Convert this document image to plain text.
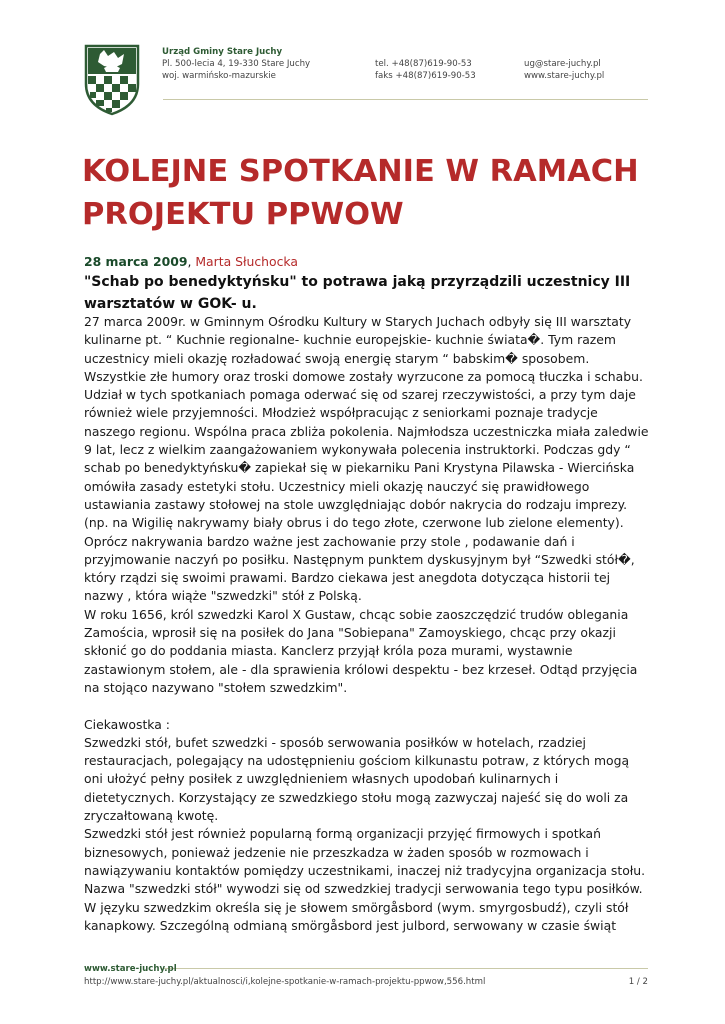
Urząd Gminy Stare Juchy
Pl. 500-lecia 4, 19-330 Stare Juchy
woj. warmińsko-mazurskie
tel. +48(87)619-90-53
faks +48(87)619-90-53
ug@stare-juchy.pl
www.stare-juchy.pl
KOLEJNE SPOTKANIE W RAMACH PROJEKTU PPWOW
28 marca 2009, Marta Słuchocka

"Schab po benedyktyńsku" to potrawa jaką przyrządzili uczestnicy III warsztatów w GOK- u.

27 marca 2009r. w Gminnym Ośrodku Kultury w Starych Juchach odbyły się III warsztaty kulinarne pt. “ Kuchnie regionalne- kuchnie europejskie- kuchnie świata�. Tym razem uczestnicy mieli okazję rozładować swoją energię starym “ babskim� sposobem. Wszystkie złe humory oraz troski domowe zostały wyrzucone za pomocą tłuczka i schabu. Udział w tych spotkaniach pomaga oderwać się od szarej rzeczywistości, a przy tym daje również wiele przyjemności. Młodzież współpracując z seniorkami poznaje tradycje naszego regionu. Wspólna praca zbliża pokolenia. Najmłodsza uczestniczka miała zaledwie 9 lat, lecz z wielkim zaangażowaniem wykonywała polecenia instruktorki. Podczas gdy “ schab po benedyktyńsku� zapiekał się w piekarniku Pani Krystyna Pilawska - Wiercińska omówiła zasady estetyki stołu. Uczestnicy mieli okazję nauczyć się prawidłowego ustawiania zastawy stołowej na stole uwzględniając dobór nakrycia do rodzaju imprezy. (np. na Wigilię nakrywamy biały obrus i do tego złote, czerwone lub zielone elementy). Oprócz nakrywania bardzo ważne jest zachowanie przy stole , podawanie dań i przyjmowanie naczyń po posiłku. Następnym punktem dyskusyjnym był “Szwedki stół�, który rządzi się swoimi prawami. Bardzo ciekawa jest anegdota dotycząca historii tej nazwy , która wiąże "szwedzki" stół z Polską.

W roku 1656, król szwedzki Karol X Gustaw, chcąc sobie zaoszczędzić trudów oblegania Zamościa, wprosił się na posiłek do Jana "Sobiepana" Zamoyskiego, chcąc przy okazji skłonić go do poddania miasta. Kanclerz przyjął króla poza murami, wystawnie zastawionym stołem, ale - dla sprawienia królowi despektu - bez krzeseł. Odtąd przyjęcia na stojąco nazywano "stołem szwedzkim".

Ciekawostka :

Szwedzki stół, bufet szwedzki - sposób serwowania posiłków w hotelach, rzadziej restauracjach, polegający na udostępnieniu gościom kilkunastu potraw, z których mogą oni ułożyć pełny posiłek z uwzględnieniem własnych upodobań kulinarnych i dietetycznych. Korzystający ze szwedzkiego stołu mogą zazwyczaj najeść się do woli za zryczałtowaną kwotę.

Szwedzki stół jest również popularną formą organizacji przyjęć firmowych i spotkań biznesowych, ponieważ jedzenie nie przeszkadza w żaden sposób w rozmowach i nawiązywaniu kontaktów pomiędzy uczestnikami, inaczej niż tradycyjna organizacja stołu. Nazwa "szwedzki stół" wywodzi się od szwedzkiej tradycji serwowania tego typu posiłków. W języku szwedzkim określa się je słowem smörgåsbord (wym. smyrgosbudź), czyli stół kanapkowy. Szczególną odmianą smörgåsbord jest julbord, serwowany w czasie świąt

www.stare-juchy.pl
http://www.stare-juchy.pl/aktualnosci/i,kolejne-spotkanie-w-ramach-projektu-ppwow,556.html	1 / 2
